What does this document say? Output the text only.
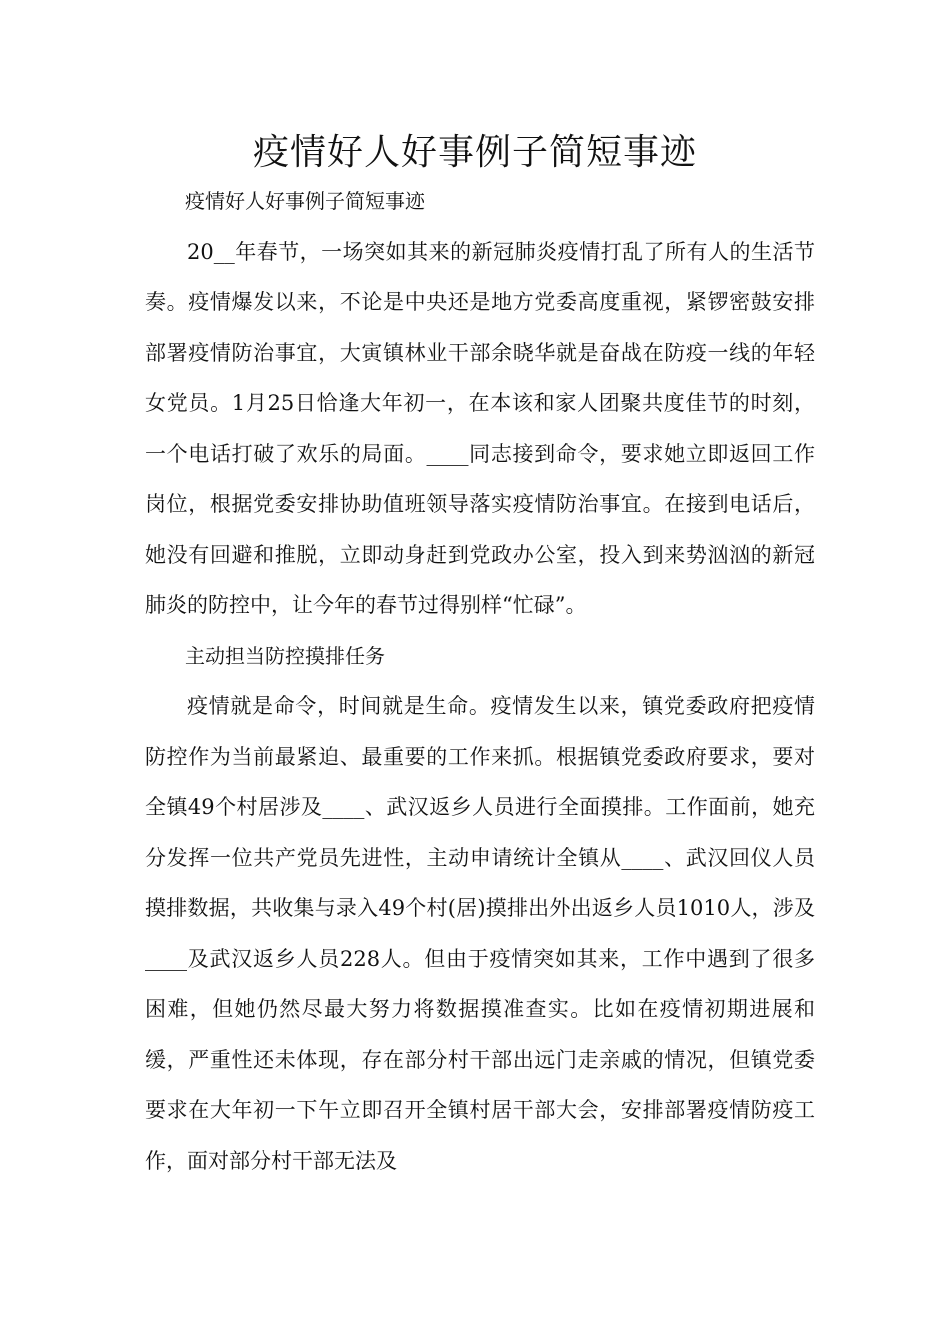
疫情好人好事例子简短事迹

疫情好人好事例子简短事迹

20__年春节，一场突如其来的新冠肺炎疫情打乱了所有人的生活节奏。疫情爆发以来，不论是中央还是地方党委高度重视，紧锣密鼓安排部署疫情防治事宜，大寅镇林业干部余晓华就是奋战在防疫一线的年轻女党员。1月25日恰逢大年初一，在本该和家人团聚共度佳节的时刻，一个电话打破了欢乐的局面。____同志接到命令，要求她立即返回工作岗位，根据党委安排协助值班领导落实疫情防治事宜。在接到电话后，她没有回避和推脱，立即动身赶到党政办公室，投入到来势汹汹的新冠肺炎的防控中，让今年的春节过得别样“忙碌”。

主动担当防控摸排任务

疫情就是命令，时间就是生命。疫情发生以来，镇党委政府把疫情防控作为当前最紧迫、最重要的工作来抓。根据镇党委政府要求，要对全镇49个村居涉及____、武汉返乡人员进行全面摸排。工作面前，她充分发挥一位共产党员先进性，主动申请统计全镇从____、武汉回仪人员摸排数据，共收集与录入49个村(居)摸排出外出返乡人员1010人，涉及____及武汉返乡人员228人。但由于疫情突如其来，工作中遇到了很多困难，但她仍然尽最大努力将数据摸准查实。比如在疫情初期进展和缓，严重性还未体现，存在部分村干部出远门走亲戚的情况，但镇党委要求在大年初一下午立即召开全镇村居干部大会，安排部署疫情防疫工作，面对部分村干部无法及
